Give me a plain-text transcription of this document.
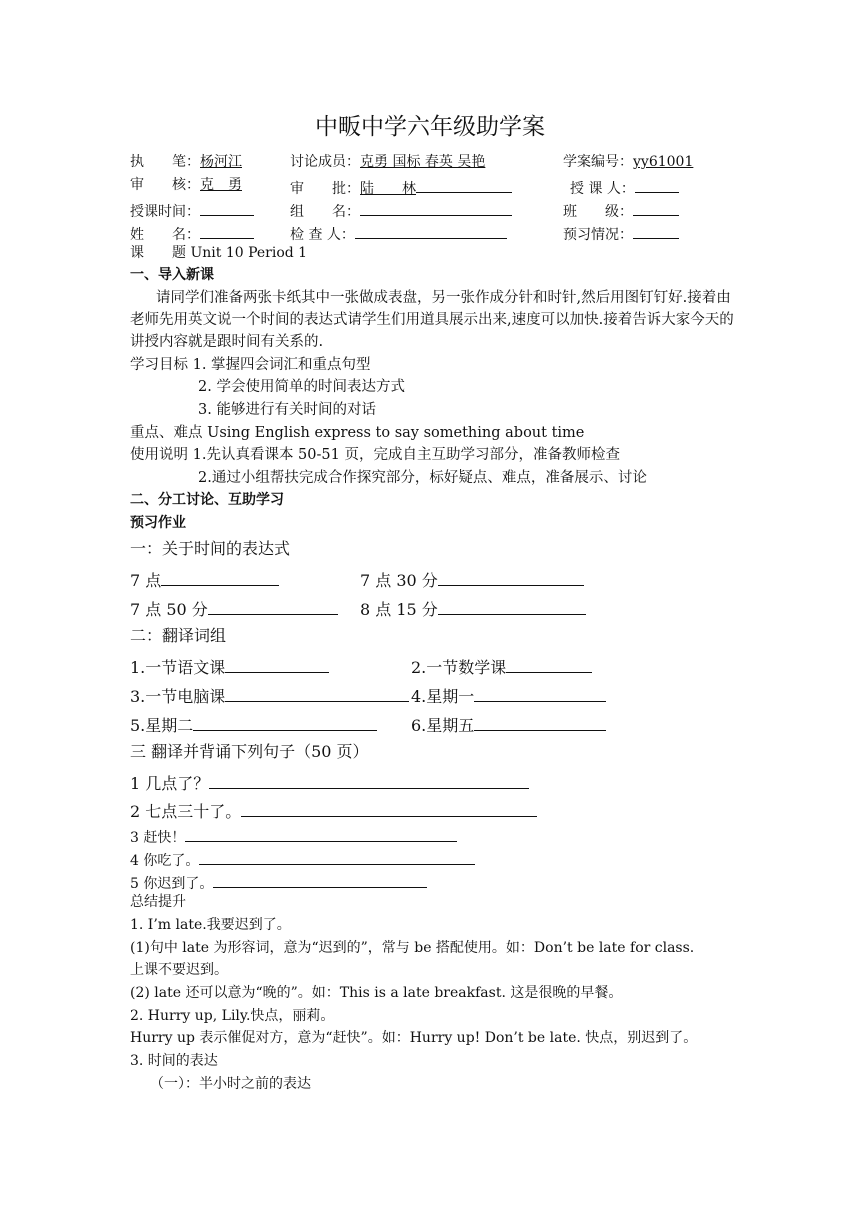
中畈中学六年级助学案
执　　笔：杨河江	讨论成员：克勇 国标 春英 吴艳	学案编号：yy61001
审　　核：克　勇	审　　批：陆　　林	授 课 人：
授课时间：	组　　名：	班　　级：
姓　　名：	检 查 人：	预习情况：
课　　题 Unit 10 Period 1
一、导入新课
请同学们准备两张卡纸其中一张做成表盘，另一张作成分针和时针,然后用图钉钉好.接着由老师先用英文说一个时间的表达式请学生们用道具展示出来,速度可以加快.接着告诉大家今天的讲授内容就是跟时间有关系的.
学习目标 1. 掌握四会词汇和重点句型
2. 学会使用简单的时间表达方式
3. 能够进行有关时间的对话
重点、难点 Using English express to say something about time
使用说明 1.先认真看课本 50-51 页，完成自主互助学习部分，准备教师检查
2.通过小组帮扶完成合作探究部分，标好疑点、难点，准备展示、讨论
二、分工讨论、互助学习
预习作业
一：关于时间的表达式
7 点	7 点 30 分
7 点 50 分	8 点 15 分
二：翻译词组
1.一节语文课	2.一节数学课
3.一节电脑课	4.星期一
5.星期二	6.星期五
三 翻译并背诵下列句子（50 页）
1 几点了？
2 七点三十了。
3 赶快！
4 你吃了。
5 你迟到了。
总结提升
1. I’m late.我要迟到了。
(1)句中 late 为形容词，意为“迟到的”，常与 be 搭配使用。如：Don’t be late for class.
上课不要迟到。
(2) late 还可以意为“晚的”。如：This is a late breakfast. 这是很晚的早餐。
2. Hurry up, Lily.快点，丽莉。
Hurry up 表示催促对方，意为“赶快”。如：Hurry up! Don’t be late. 快点，别迟到了。
3. 时间的表达
（一）：半小时之前的表达
